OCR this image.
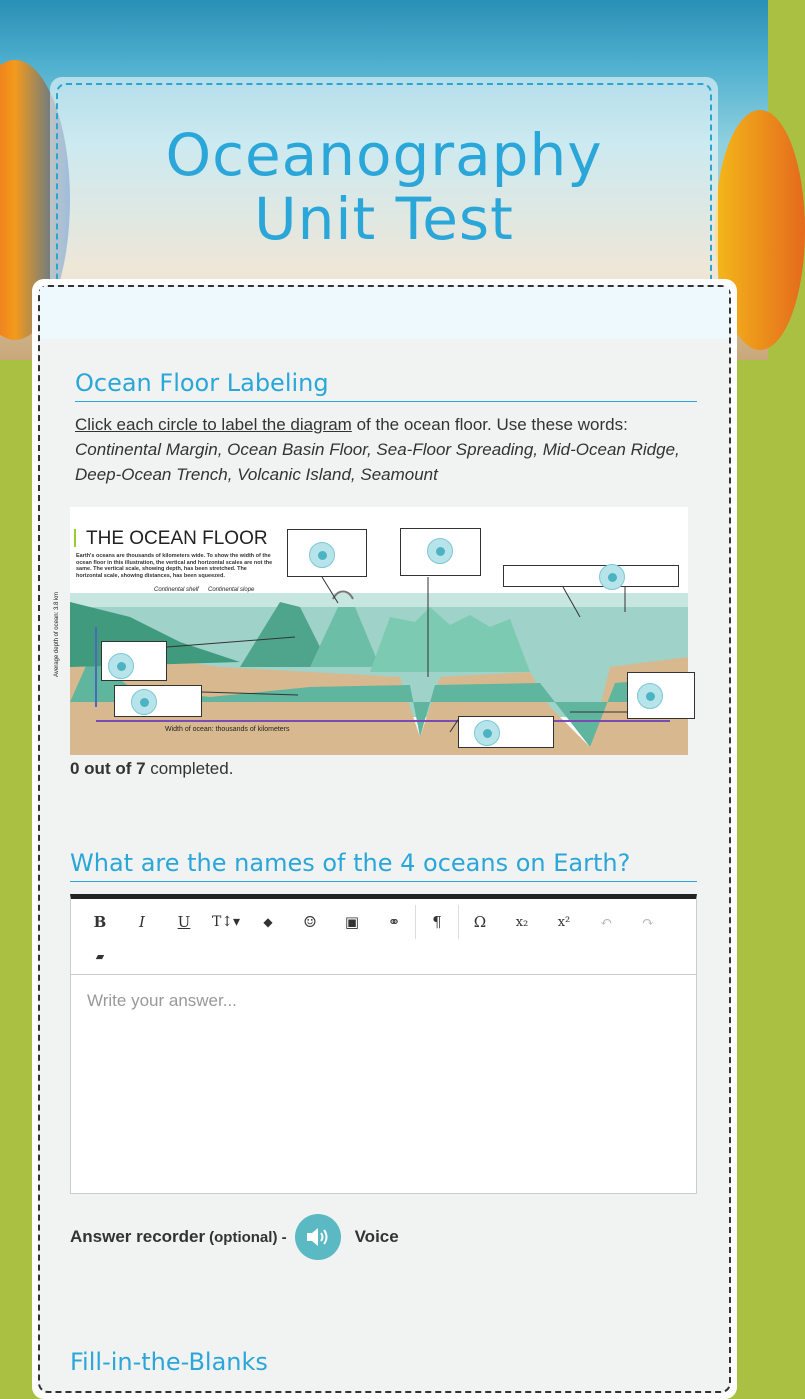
Oceanography Unit Test
Ocean Floor Labeling

Click each circle to label the diagram of the ocean floor. Use these words: Continental Margin, Ocean Basin Floor, Sea-Floor Spreading, Mid-Ocean Ridge, Deep-Ocean Trench, Volcanic Island, Seamount

Average depth of ocean: 3.8 km
Width of ocean: thousands of kilometers
THE OCEAN FLOOR
Continental shelf Continental slope
Earth's oceans are thousands of kilometers wide. To show the width of the ocean floor in this illustration, the vertical and horizontal scales are not the same. The vertical scale, showing depth, has been stretched. The horizontal scale, showing distances, has been squeezed.

0 out of 7 completed.

What are the names of the 4 oceans on Earth?
B	I	U	T↕▾	◆	☺	▣	⚭	¶	Ω	x₂	x²	↶	↷
▰
Write your answer...
Answer recorder (optional) -	Voice
Fill-in-the-Blanks
